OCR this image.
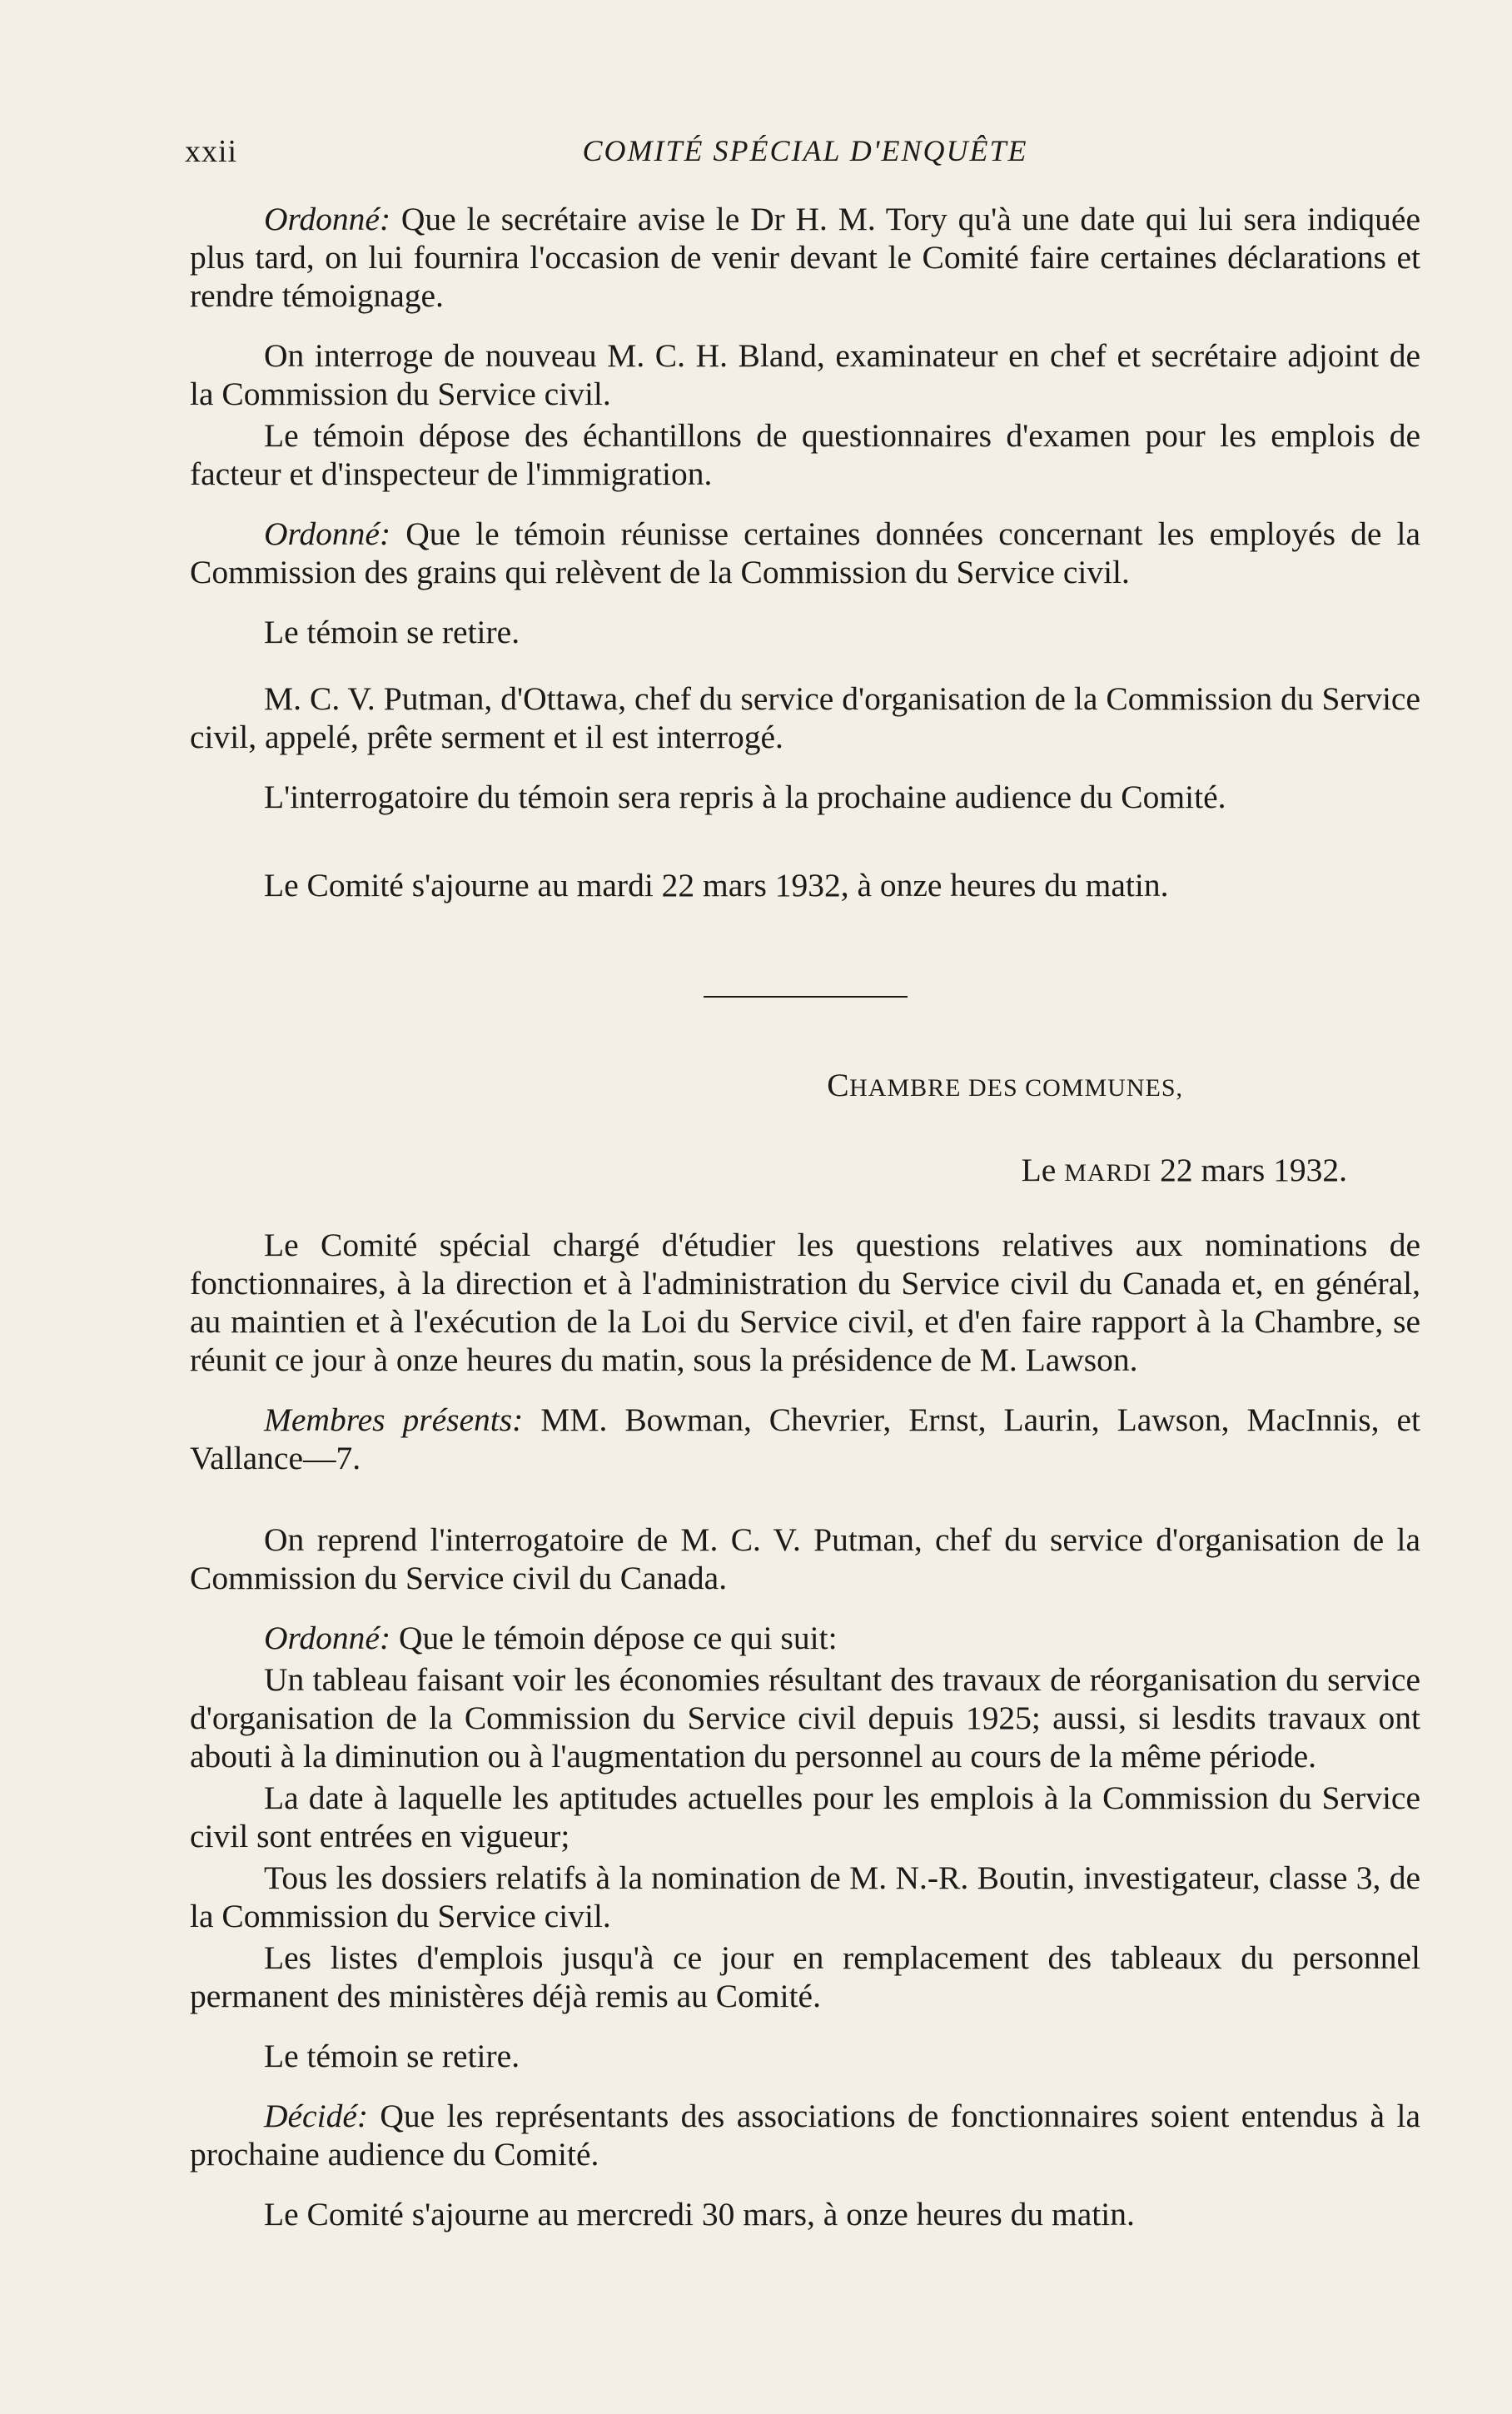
xxii	COMITÉ SPÉCIAL D'ENQUÊTE

Ordonné: Que le secrétaire avise le Dr H. M. Tory qu'à une date qui lui sera indiquée plus tard, on lui fournira l'occasion de venir devant le Comité faire certaines déclarations et rendre témoignage.

On interroge de nouveau M. C. H. Bland, examinateur en chef et secrétaire adjoint de la Commission du Service civil.

Le témoin dépose des échantillons de questionnaires d'examen pour les emplois de facteur et d'inspecteur de l'immigration.

Ordonné: Que le témoin réunisse certaines données concernant les employés de la Commission des grains qui relèvent de la Commission du Service civil.

Le témoin se retire.

M. C. V. Putman, d'Ottawa, chef du service d'organisation de la Commission du Service civil, appelé, prête serment et il est interrogé.

L'interrogatoire du témoin sera repris à la prochaine audience du Comité.

Le Comité s'ajourne au mardi 22 mars 1932, à onze heures du matin.

CHAMBRE DES COMMUNES,
Le MARDI 22 mars 1932.

Le Comité spécial chargé d'étudier les questions relatives aux nominations de fonctionnaires, à la direction et à l'administration du Service civil du Canada et, en général, au maintien et à l'exécution de la Loi du Service civil, et d'en faire rapport à la Chambre, se réunit ce jour à onze heures du matin, sous la présidence de M. Lawson.

Membres présents: MM. Bowman, Chevrier, Ernst, Laurin, Lawson, MacInnis, et Vallance—7.

On reprend l'interrogatoire de M. C. V. Putman, chef du service d'organisation de la Commission du Service civil du Canada.

Ordonné: Que le témoin dépose ce qui suit:

Un tableau faisant voir les économies résultant des travaux de réorganisation du service d'organisation de la Commission du Service civil depuis 1925; aussi, si lesdits travaux ont abouti à la diminution ou à l'augmentation du personnel au cours de la même période.

La date à laquelle les aptitudes actuelles pour les emplois à la Commission du Service civil sont entrées en vigueur;

Tous les dossiers relatifs à la nomination de M. N.-R. Boutin, investigateur, classe 3, de la Commission du Service civil.

Les listes d'emplois jusqu'à ce jour en remplacement des tableaux du personnel permanent des ministères déjà remis au Comité.

Le témoin se retire.

Décidé: Que les représentants des associations de fonctionnaires soient entendus à la prochaine audience du Comité.

Le Comité s'ajourne au mercredi 30 mars, à onze heures du matin.
